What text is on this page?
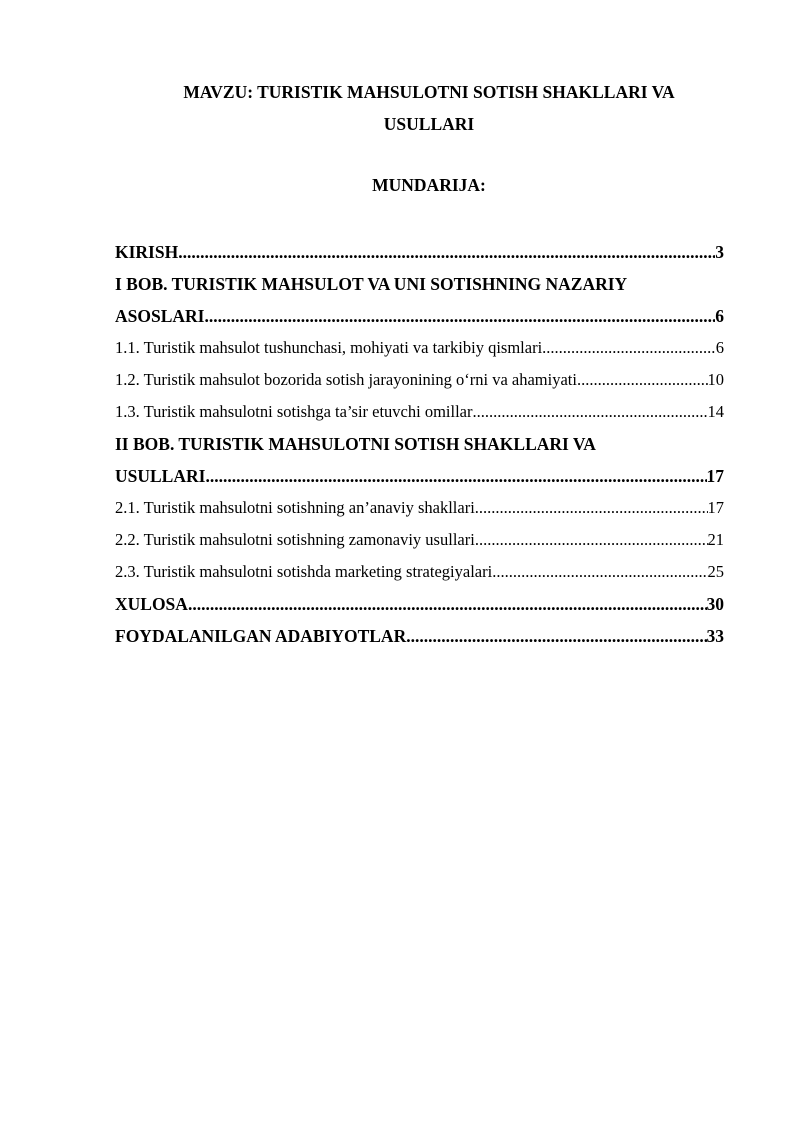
MAVZU: TURISTIK MAHSULOTNI SOTISH SHAKLLARI VA
USULLARI
MUNDARIJA:
KIRISH .....	3
I BOB. TURISTIK MAHSULOT VA UNI SOTISHNING NAZARIY
ASOSLARI .....	6
1.1. Turistik mahsulot tushunchasi, mohiyati va tarkibiy qismlari .....	6
1.2. Turistik mahsulot bozorida sotish jarayonining o‘rni va ahamiyati .....	10
1.3. Turistik mahsulotni sotishga ta’sir etuvchi omillar .....	14
II BOB. TURISTIK MAHSULOTNI SOTISH SHAKLLARI VA
USULLARI .....	17
2.1. Turistik mahsulotni sotishning an’anaviy shakllari .....	17
2.2. Turistik mahsulotni sotishning zamonaviy usullari .....	21
2.3. Turistik mahsulotni sotishda marketing strategiyalari .....	25
XULOSA .....	30
FOYDALANILGAN ADABIYOTLAR .....	33
